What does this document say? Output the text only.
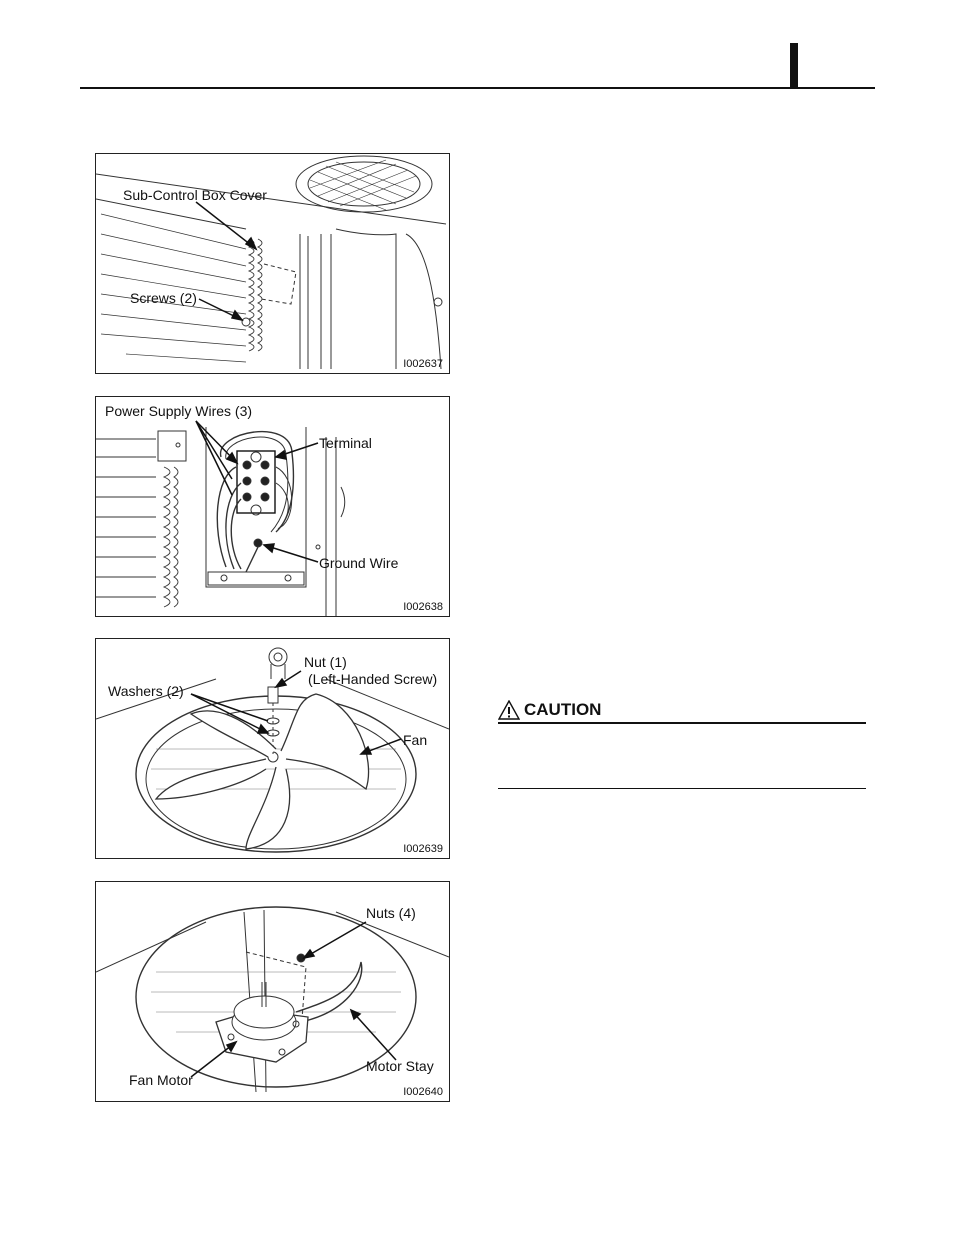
Sub-Control Box Cover
Screws (2)
I002637
Power Supply Wires (3)
Terminal
Ground Wire
I002638
Nut (1)
(Left-Handed Screw)
Washers (2)
Fan
I002639
Nuts (4)
Fan Motor
Motor Stay
I002640
CAUTION
